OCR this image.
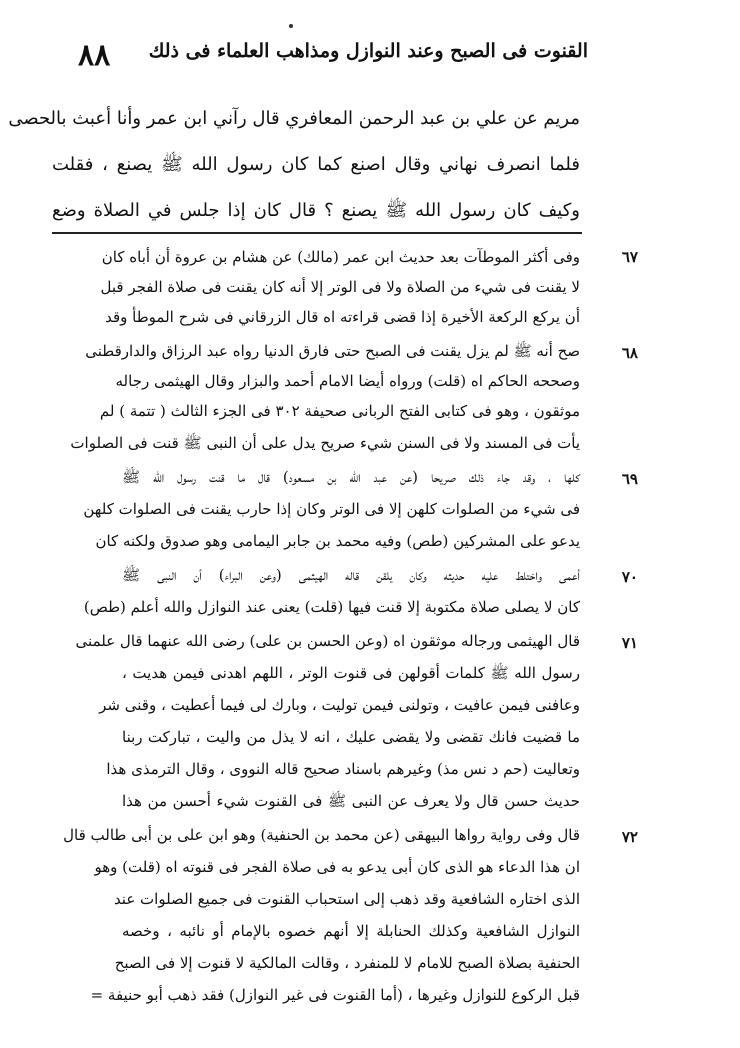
القنوت فى الصبح وعند النوازل ومذاهب العلماء فى ذلك
٨٨
مريم عن علي بن عبد الرحمن المعافري قال رآني ابن عمر وأنا أعبث بالحصى
فلما انصرف نهاني وقال اصنع كما كان رسول الله ﷺ يصنع ، فقلت
وكيف كان رسول الله ﷺ يصنع ؟ قال كان إذا جلس في الصلاة وضع
٦٧
وفى أكثر الموطآت بعد حديث ابن عمر (مالك) عن هشام بن عروة أن أباه كان
لا يقنت فى شيء من الصلاة ولا فى الوتر إلا أنه كان يقنت فى صلاة الفجر قبل
أن يركع الركعة الأخيرة إذا قضى قراءته اه قال الزرقاني فى شرح الموطأ وقد
٦٨
صح أنه ﷺ لم يزل يقنت فى الصبح حتى فارق الدنيا رواه عبد الرزاق والدارقطنى
وصححه الحاكم اه (قلت) ورواه أيضا الامام أحمد والبزار وقال الهيثمى رجاله
موثقون ، وهو فى كتابى الفتح الربانى صحيفة ٣٠٢ فى الجزء الثالث ( تتمة ) لم
يأت فى المسند ولا فى السنن شيء صريح يدل على أن النبى ﷺ قنت فى الصلوات
٦٩
كلها ، وقد جاء ذلك صريحا (عن عبد الله بن مسعود) قال ما قنت رسول الله ﷺ
فى شيء من الصلوات كلهن إلا فى الوتر وكان إذا حارب يقنت فى الصلوات كلهن
يدعو على المشركين (طص) وفيه محمد بن جابر اليمامى وهو صدوق ولكنه كان
٧٠
أعمى واختلط عليه حديثه وكان يلقن قاله الهيثمى (وعن البراء) أن النبى ﷺ
كان لا يصلى صلاة مكتوبة إلا قنت فيها (قلت) يعنى عند النوازل والله أعلم (طص)
٧١
قال الهيثمى ورجاله موثقون اه (وعن الحسن بن على) رضى الله عنهما قال علمنى
رسول الله ﷺ كلمات أقولهن فى قنوت الوتر ، اللهم اهدنى فيمن هديت ،
وعافنى فيمن عافيت ، وتولنى فيمن توليت ، وبارك لى فيما أعطيت ، وقنى شر
ما قضيت فانك تقضى ولا يقضى عليك ، انه لا يذل من واليت ، تباركت ربنا
وتعاليت (حم د نس مذ) وغيرهم باسناد صحيح قاله النووى ، وقال الترمذى هذا
حديث حسن قال ولا يعرف عن النبى ﷺ فى القنوت شيء أحسن من هذا
٧٢
قال وفى رواية رواها البيهقى (عن محمد بن الحنفية) وهو ابن على بن أبى طالب قال
ان هذا الدعاء هو الذى كان أبى يدعو به فى صلاة الفجر فى قنوته اه (قلت) وهو
الذى اختاره الشافعية وقد ذهب إلى استحباب القنوت فى جميع الصلوات عند
النوازل الشافعية وكذلك الحنابلة إلا أنهم خصوه بالإمام أو نائبه ، وخصه
الحنفية بصلاة الصبح للامام لا للمنفرد ، وقالت المالكية لا قنوت إلا فى الصبح
قبل الركوع للنوازل وغيرها ، (أما القنوت فى غير النوازل) فقد ذهب أبو حنيفة =
